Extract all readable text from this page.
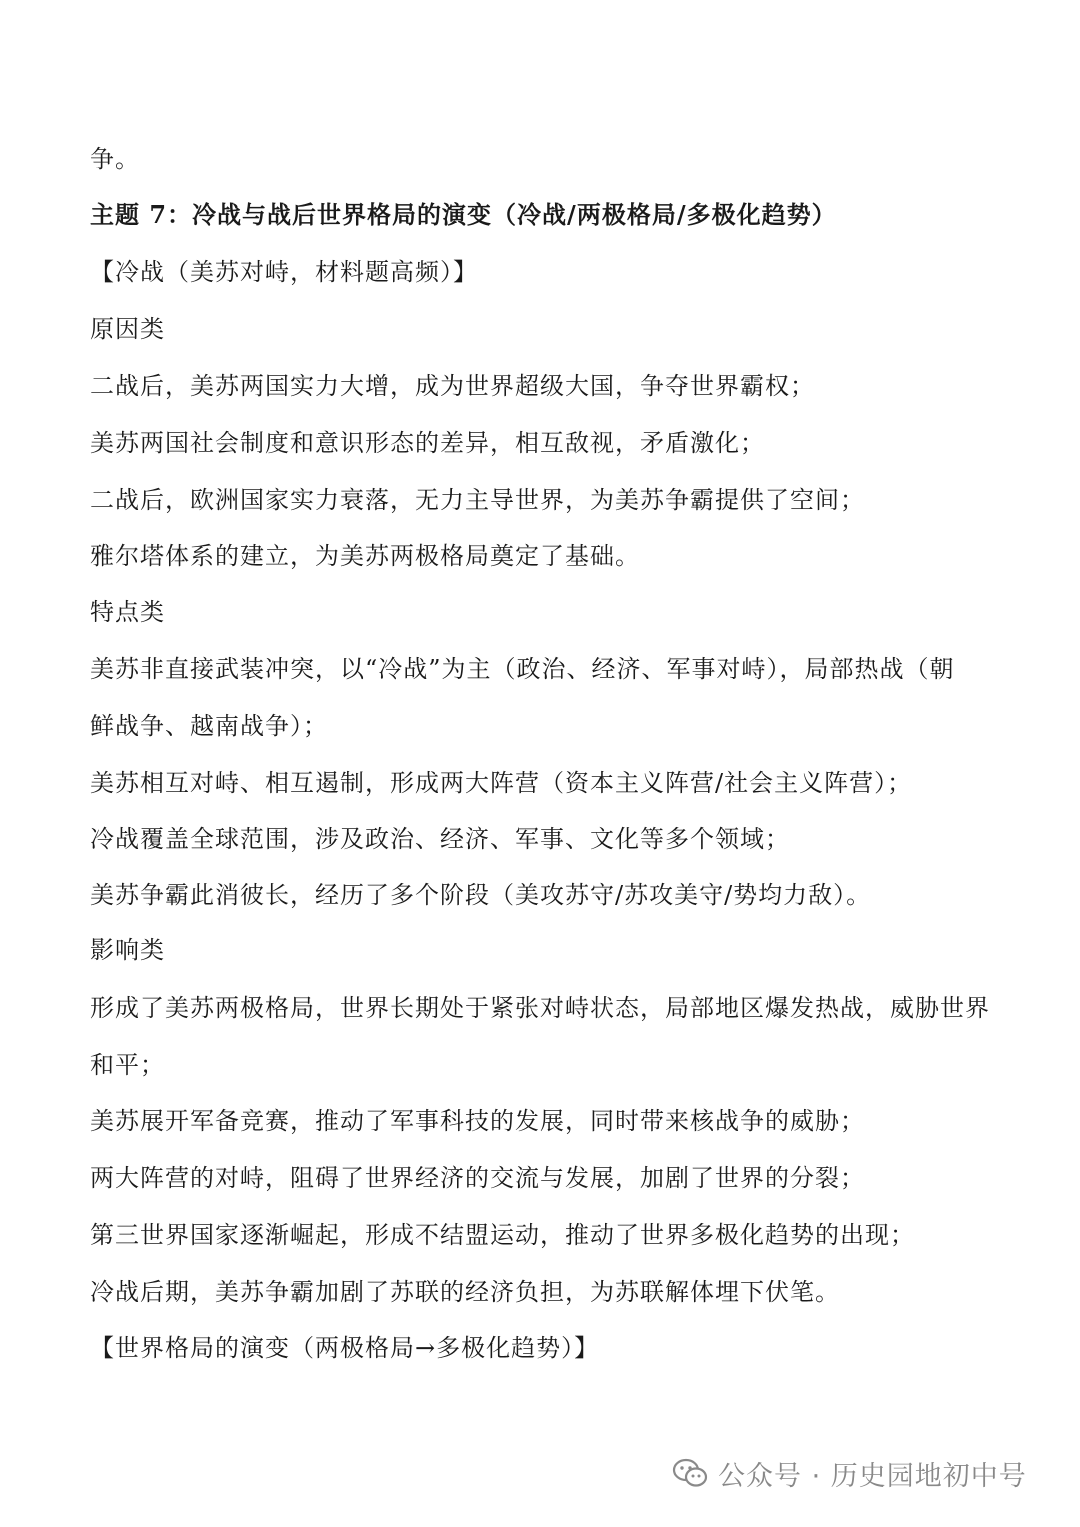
争。
主题 7：冷战与战后世界格局的演变（冷战/两极格局/多极化趋势）
【冷战（美苏对峙，材料题高频）】
原因类
二战后，美苏两国实力大增，成为世界超级大国，争夺世界霸权；
美苏两国社会制度和意识形态的差异，相互敌视，矛盾激化；
二战后，欧洲国家实力衰落，无力主导世界，为美苏争霸提供了空间；
雅尔塔体系的建立，为美苏两极格局奠定了基础。
特点类
美苏非直接武装冲突，以“冷战”为主（政治、经济、军事对峙），局部热战（朝
鲜战争、越南战争）；
美苏相互对峙、相互遏制，形成两大阵营（资本主义阵营/社会主义阵营）；
冷战覆盖全球范围，涉及政治、经济、军事、文化等多个领域；
美苏争霸此消彼长，经历了多个阶段（美攻苏守/苏攻美守/势均力敌）。
影响类
形成了美苏两极格局，世界长期处于紧张对峙状态，局部地区爆发热战，威胁世界
和平；
美苏展开军备竞赛，推动了军事科技的发展，同时带来核战争的威胁；
两大阵营的对峙，阻碍了世界经济的交流与发展，加剧了世界的分裂；
第三世界国家逐渐崛起，形成不结盟运动，推动了世界多极化趋势的出现；
冷战后期，美苏争霸加剧了苏联的经济负担，为苏联解体埋下伏笔。
【世界格局的演变（两极格局→多极化趋势）】
公众号 · 历史园地初中号
